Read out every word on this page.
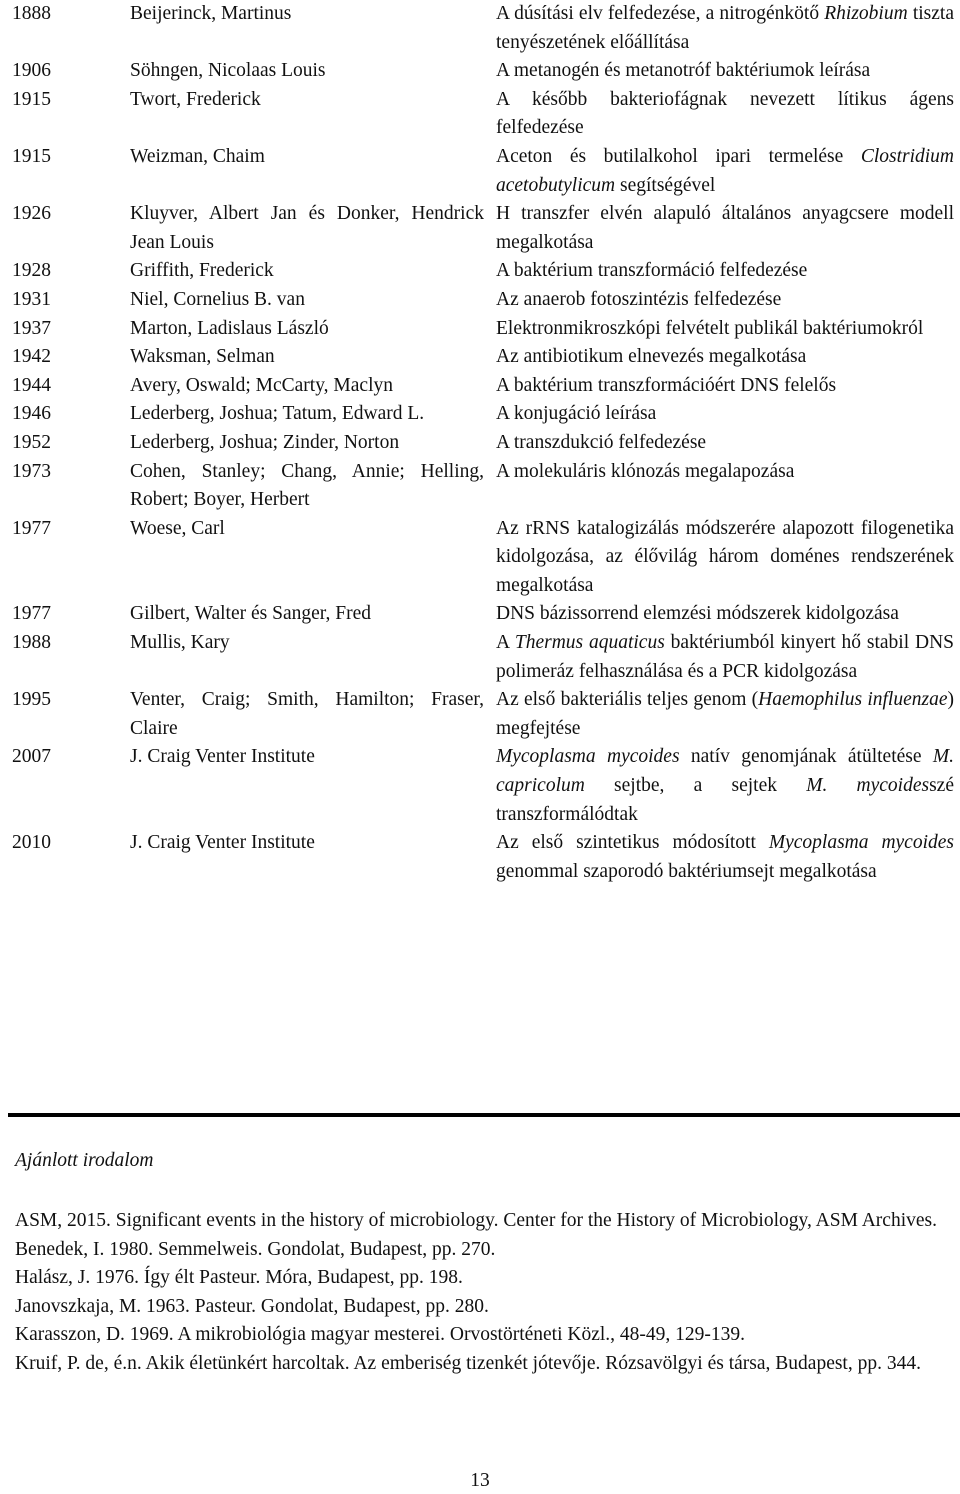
1888	Beijerinck, Martinus		A dúsítási elv felfedezése, a nitrogénkötő Rhizobium tiszta tenyészetének előállítása
1906	Söhngen, Nicolaas Louis		A metanogén és metanotróf baktériumok leírása
1915	Twort, Frederick		A később bakteriofágnak nevezett lítikus ágens felfedezése
1915	Weizman, Chaim		Aceton és butilalkohol ipari termelése Clostridium acetobutylicum segítségével
1926	Kluyver, Albert Jan és Donker, Hendrick Jean Louis		H transzfer elvén alapuló általános anyagcsere modell megalkotása
1928	Griffith, Frederick		A baktérium transzformáció felfedezése
1931	Niel, Cornelius B. van		Az anaerob fotoszintézis felfedezése
1937	Marton, Ladislaus László		Elektronmikroszkópi felvételt publikál baktériumokról
1942	Waksman, Selman		Az antibiotikum elnevezés megalkotása
1944	Avery, Oswald; McCarty, Maclyn		A baktérium transzformációért DNS felelős
1946	Lederberg, Joshua; Tatum, Edward L.		A konjugáció leírása
1952	Lederberg, Joshua; Zinder, Norton		A transzdukció felfedezése
1973	Cohen, Stanley; Chang, Annie; Helling, Robert; Boyer, Herbert		A molekuláris klónozás megalapozása
1977	Woese, Carl		Az rRNS katalogizálás módszerére alapozott filogenetika kidolgozása, az élővilág három doménes rendszerének megalkotása
1977	Gilbert, Walter és Sanger, Fred		DNS bázissorrend elemzési módszerek kidolgozása
1988	Mullis, Kary		A Thermus aquaticus baktériumból kinyert hő stabil DNS polimeráz felhasználása és a PCR kidolgozása
1995	Venter, Craig; Smith, Hamilton; Fraser, Claire		Az első bakteriális teljes genom (Haemophilus influenzae) megfejtése
2007	J. Craig Venter Institute		Mycoplasma mycoides natív genomjának átültetése M. capricolum sejtbe, a sejtek M. mycoidesszé transzformálódtak
2010	J. Craig Venter Institute		Az első szintetikus módosított Mycoplasma mycoides genommal szaporodó baktériumsejt megalkotása
Ajánlott irodalom
ASM, 2015. Significant events in the history of microbiology. Center for the History of Microbiology, ASM Archives.
Benedek, I. 1980. Semmelweis. Gondolat, Budapest, pp. 270.
Halász, J. 1976. Így élt Pasteur. Móra, Budapest, pp. 198.
Janovszkaja, M. 1963. Pasteur. Gondolat, Budapest, pp. 280.
Karasszon, D. 1969. A mikrobiológia magyar mesterei. Orvostörténeti Közl., 48-49, 129-139.
Kruif, P. de, é.n. Akik életünkért harcoltak. Az emberiség tizenkét jótevője. Rózsavölgyi és társa, Budapest, pp. 344.
13
